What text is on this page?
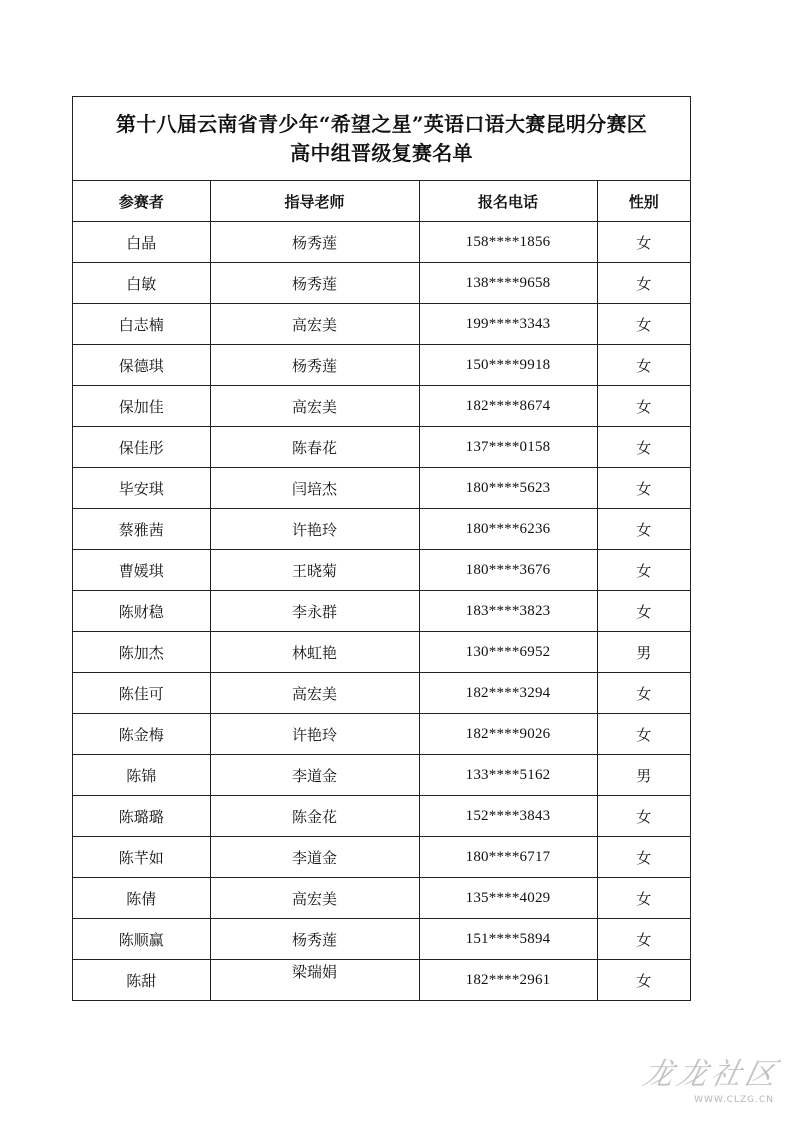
第十八届云南省青少年“希望之星”英语口语大赛昆明分赛区
高中组晋级复赛名单
参赛者	指导老师	报名电话	性别
白晶	杨秀莲	158****1856	女
白敏	杨秀莲	138****9658	女
白志楠	高宏美	199****3343	女
保德琪	杨秀莲	150****9918	女
保加佳	高宏美	182****8674	女
保佳彤	陈春花	137****0158	女
毕安琪	闫培杰	180****5623	女
蔡雅茜	许艳玲	180****6236	女
曹媛琪	王晓菊	180****3676	女
陈财稳	李永群	183****3823	女
陈加杰	林虹艳	130****6952	男
陈佳可	高宏美	182****3294	女
陈金梅	许艳玲	182****9026	女
陈锦	李道金	133****5162	男
陈璐璐	陈金花	152****3843	女
陈芊如	李道金	180****6717	女
陈倩	高宏美	135****4029	女
陈顺赢	杨秀莲	151****5894	女
陈甜	梁瑞娟	182****2961	女
龙龙社区
WWW.CLZG.CN
